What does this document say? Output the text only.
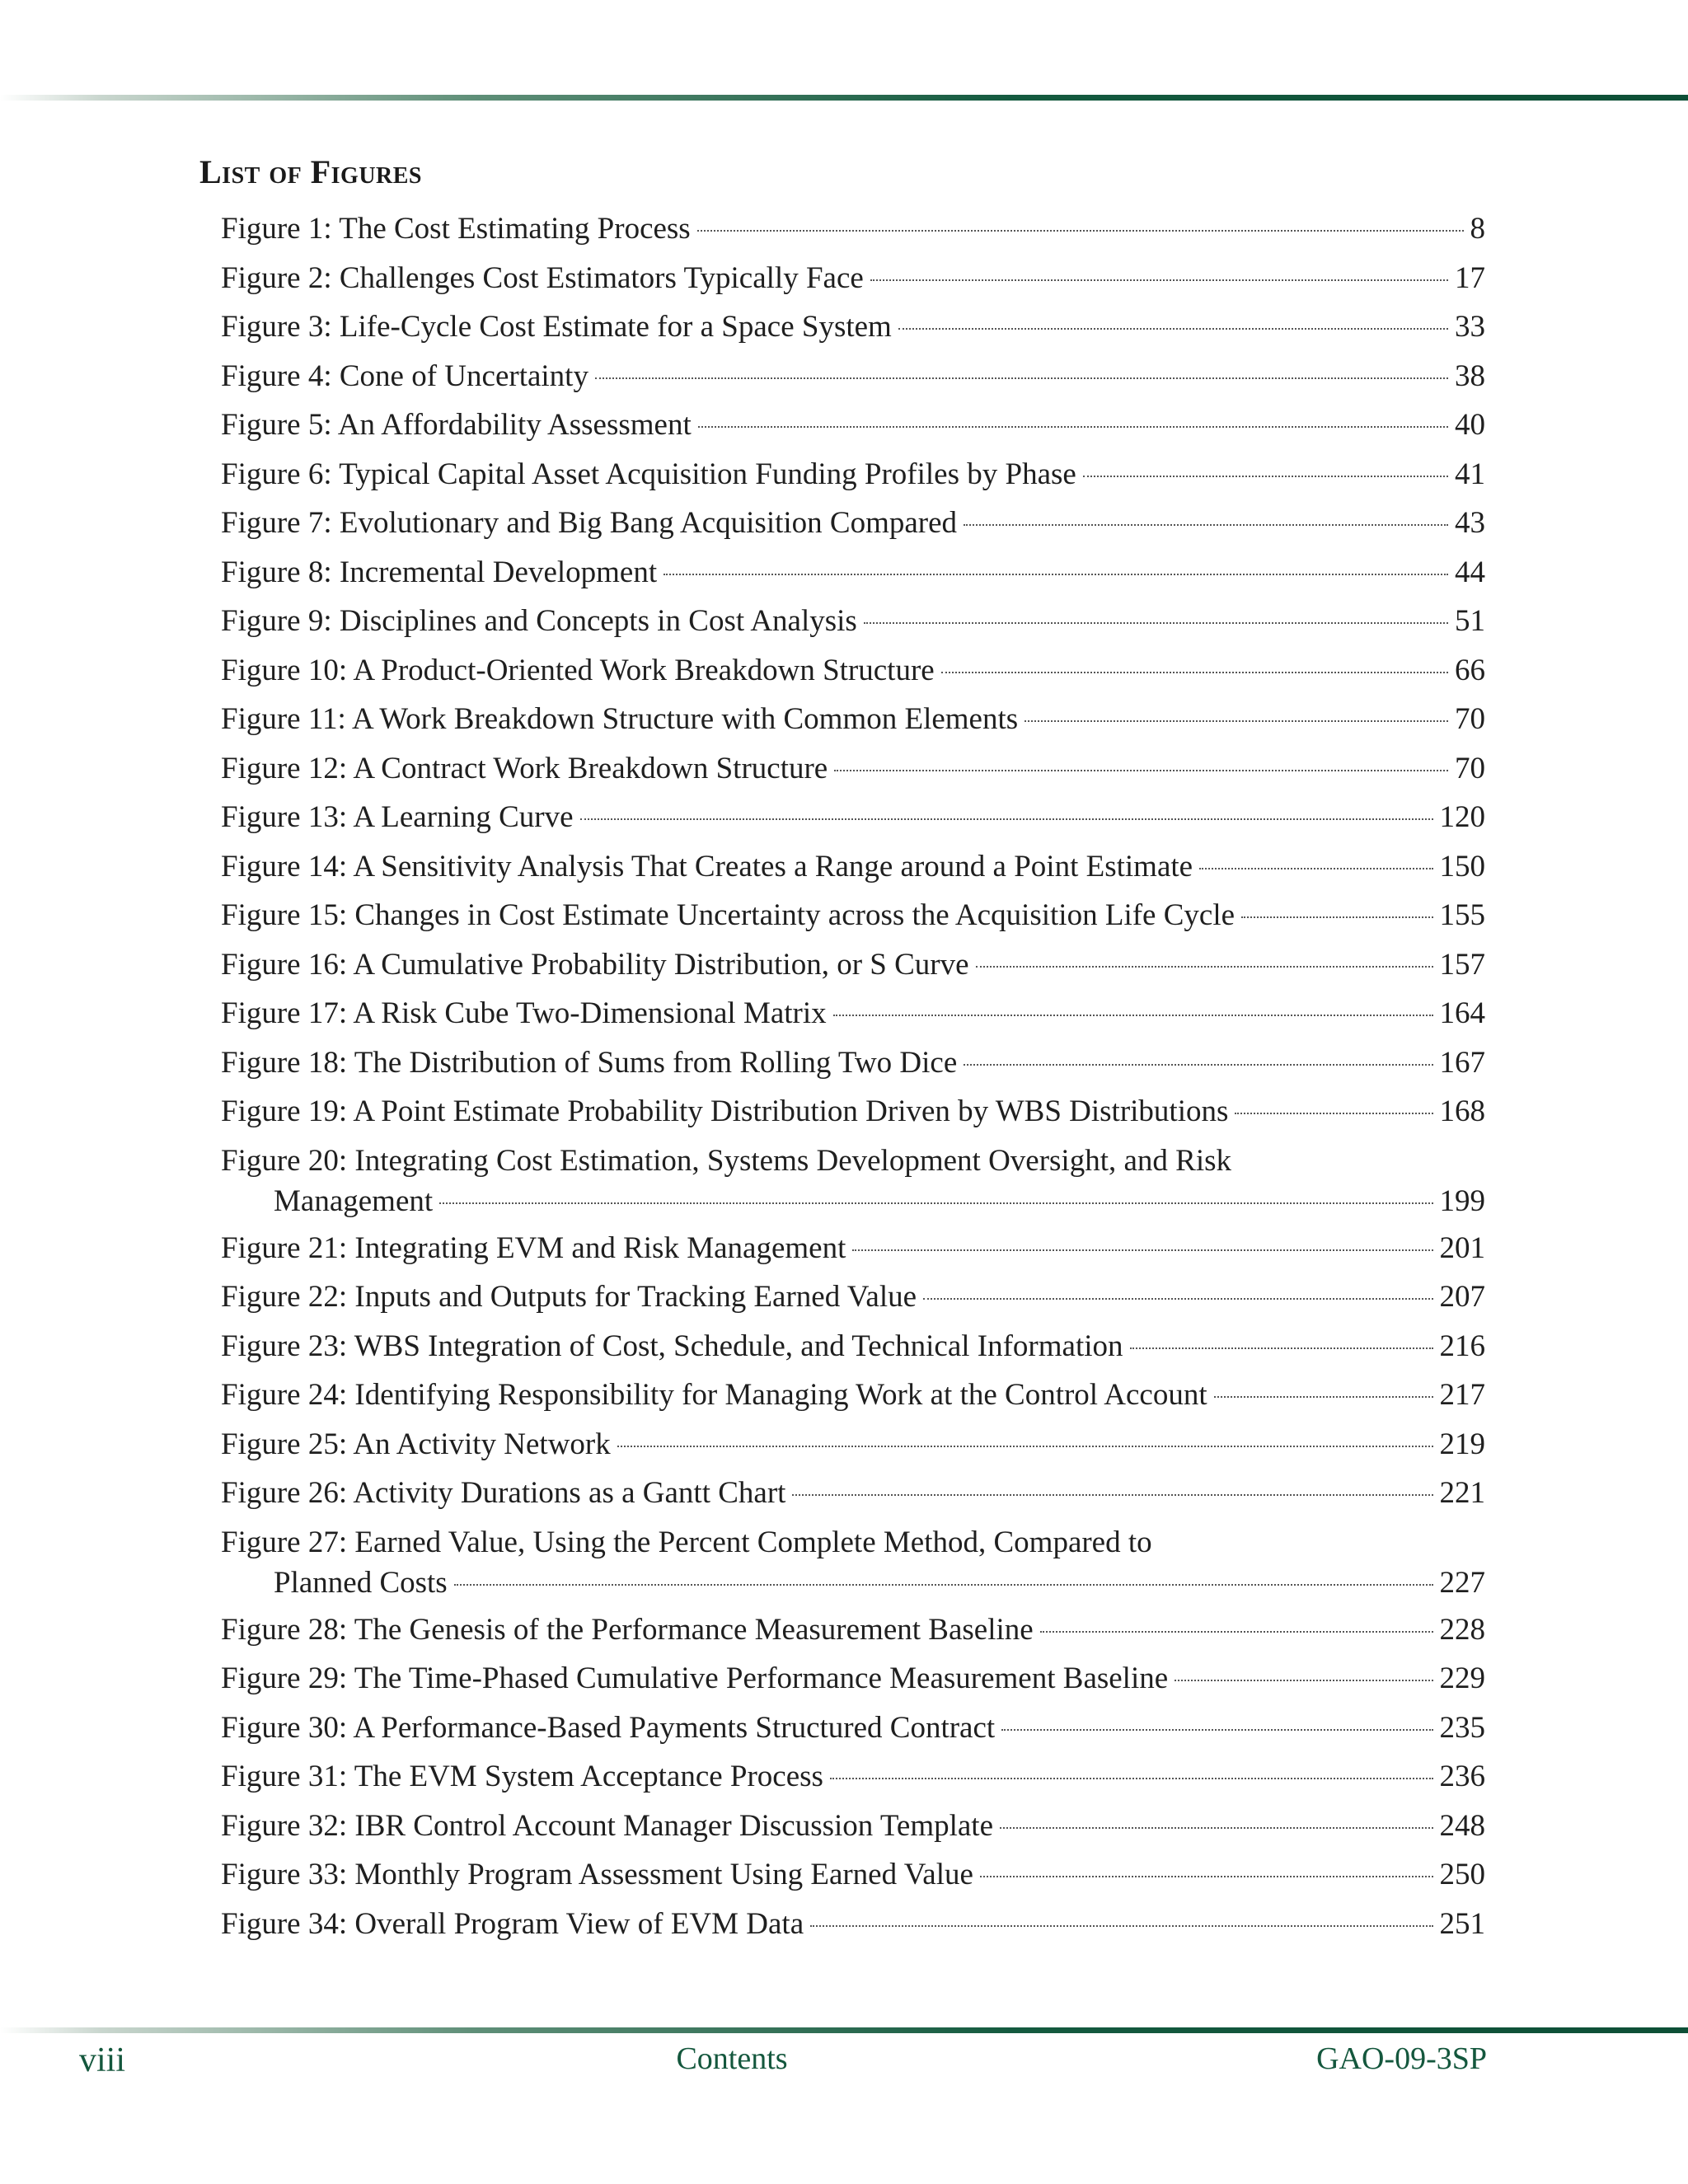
List of Figures
Figure 1: The Cost Estimating Process	8
Figure 2: Challenges Cost Estimators Typically Face	17
Figure 3: Life-Cycle Cost Estimate for a Space System	33
Figure 4: Cone of Uncertainty	38
Figure 5: An Affordability Assessment	40
Figure 6: Typical Capital Asset Acquisition Funding Profiles by Phase	41
Figure 7: Evolutionary and Big Bang Acquisition Compared	43
Figure 8: Incremental Development	44
Figure 9: Disciplines and Concepts in Cost Analysis	51
Figure 10: A Product-Oriented Work Breakdown Structure	66
Figure 11: A Work Breakdown Structure with Common Elements	70
Figure 12: A Contract Work Breakdown Structure	70
Figure 13: A Learning Curve	120
Figure 14: A Sensitivity Analysis That Creates a Range around a Point Estimate	150
Figure 15: Changes in Cost Estimate Uncertainty across the Acquisition Life Cycle	155
Figure 16: A Cumulative Probability Distribution, or S Curve	157
Figure 17: A Risk Cube Two-Dimensional Matrix	164
Figure 18: The Distribution of Sums from Rolling Two Dice	167
Figure 19: A Point Estimate Probability Distribution Driven by WBS Distributions	168
Figure 20: Integrating Cost Estimation, Systems Development Oversight, and Risk
Management	199
Figure 21: Integrating EVM and Risk Management	201
Figure 22: Inputs and Outputs for Tracking Earned Value	207
Figure 23: WBS Integration of Cost, Schedule, and Technical Information	216
Figure 24: Identifying Responsibility for Managing Work at the Control Account	217
Figure 25: An Activity Network	219
Figure 26: Activity Durations as a Gantt Chart	221
Figure 27: Earned Value, Using the Percent Complete Method, Compared to
Planned Costs	227
Figure 28: The Genesis of the Performance Measurement Baseline	228
Figure 29: The Time-Phased Cumulative Performance Measurement Baseline	229
Figure 30: A Performance-Based Payments Structured Contract	235
Figure 31: The EVM System Acceptance Process	236
Figure 32: IBR Control Account Manager Discussion Template	248
Figure 33: Monthly Program Assessment Using Earned Value	250
Figure 34: Overall Program View of EVM Data	251
viii	Contents	GAO-09-3SP
